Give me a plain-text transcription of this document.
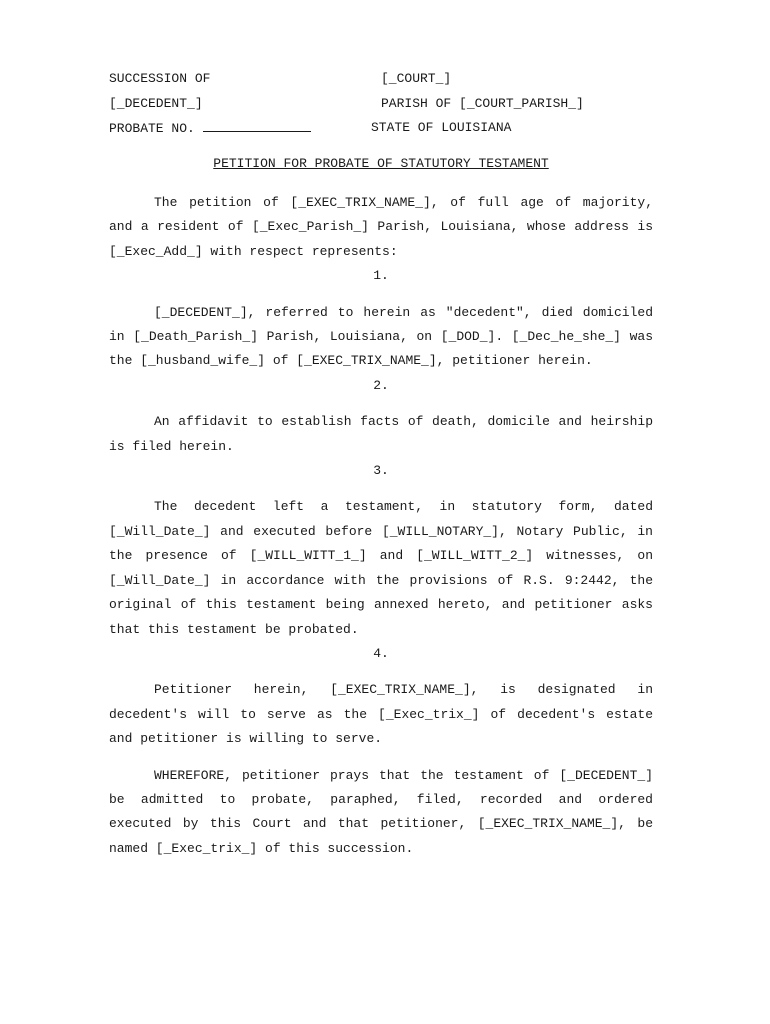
SUCCESSION OF	[_COURT_]
[_DECEDENT_]	PARISH OF [_COURT_PARISH_]
PROBATE NO.	STATE OF LOUISIANA
PETITION FOR PROBATE OF STATUTORY TESTAMENT

The petition of [_EXEC_TRIX_NAME_], of full age of majority, and a resident of [_Exec_Parish_] Parish, Louisiana, whose address is [_Exec_Add_] with respect represents:

1.

[_DECEDENT_], referred to herein as "decedent", died domiciled in [_Death_Parish_] Parish, Louisiana, on [_DOD_]. [_Dec_he_she_] was the [_husband_wife_] of [_EXEC_TRIX_NAME_], petitioner herein.

2.

An affidavit to establish facts of death, domicile and heirship is filed herein.

3.

The decedent left a testament, in statutory form, dated [_Will_Date_] and executed before [_WILL_NOTARY_], Notary Public, in the presence of [_WILL_WITT_1_] and [_WILL_WITT_2_] witnesses, on [_Will_Date_] in accordance with the provisions of R.S. 9:2442, the original of this testament being annexed hereto, and petitioner asks that this testament be probated.

4.

Petitioner herein, [_EXEC_TRIX_NAME_], is designated in decedent's will to serve as the [_Exec_trix_] of decedent's estate and petitioner is willing to serve.

WHEREFORE, petitioner prays that the testament of [_DECEDENT_] be admitted to probate, paraphed, filed, recorded and ordered executed by this Court and that petitioner, [_EXEC_TRIX_NAME_], be named [_Exec_trix_] of this succession.
